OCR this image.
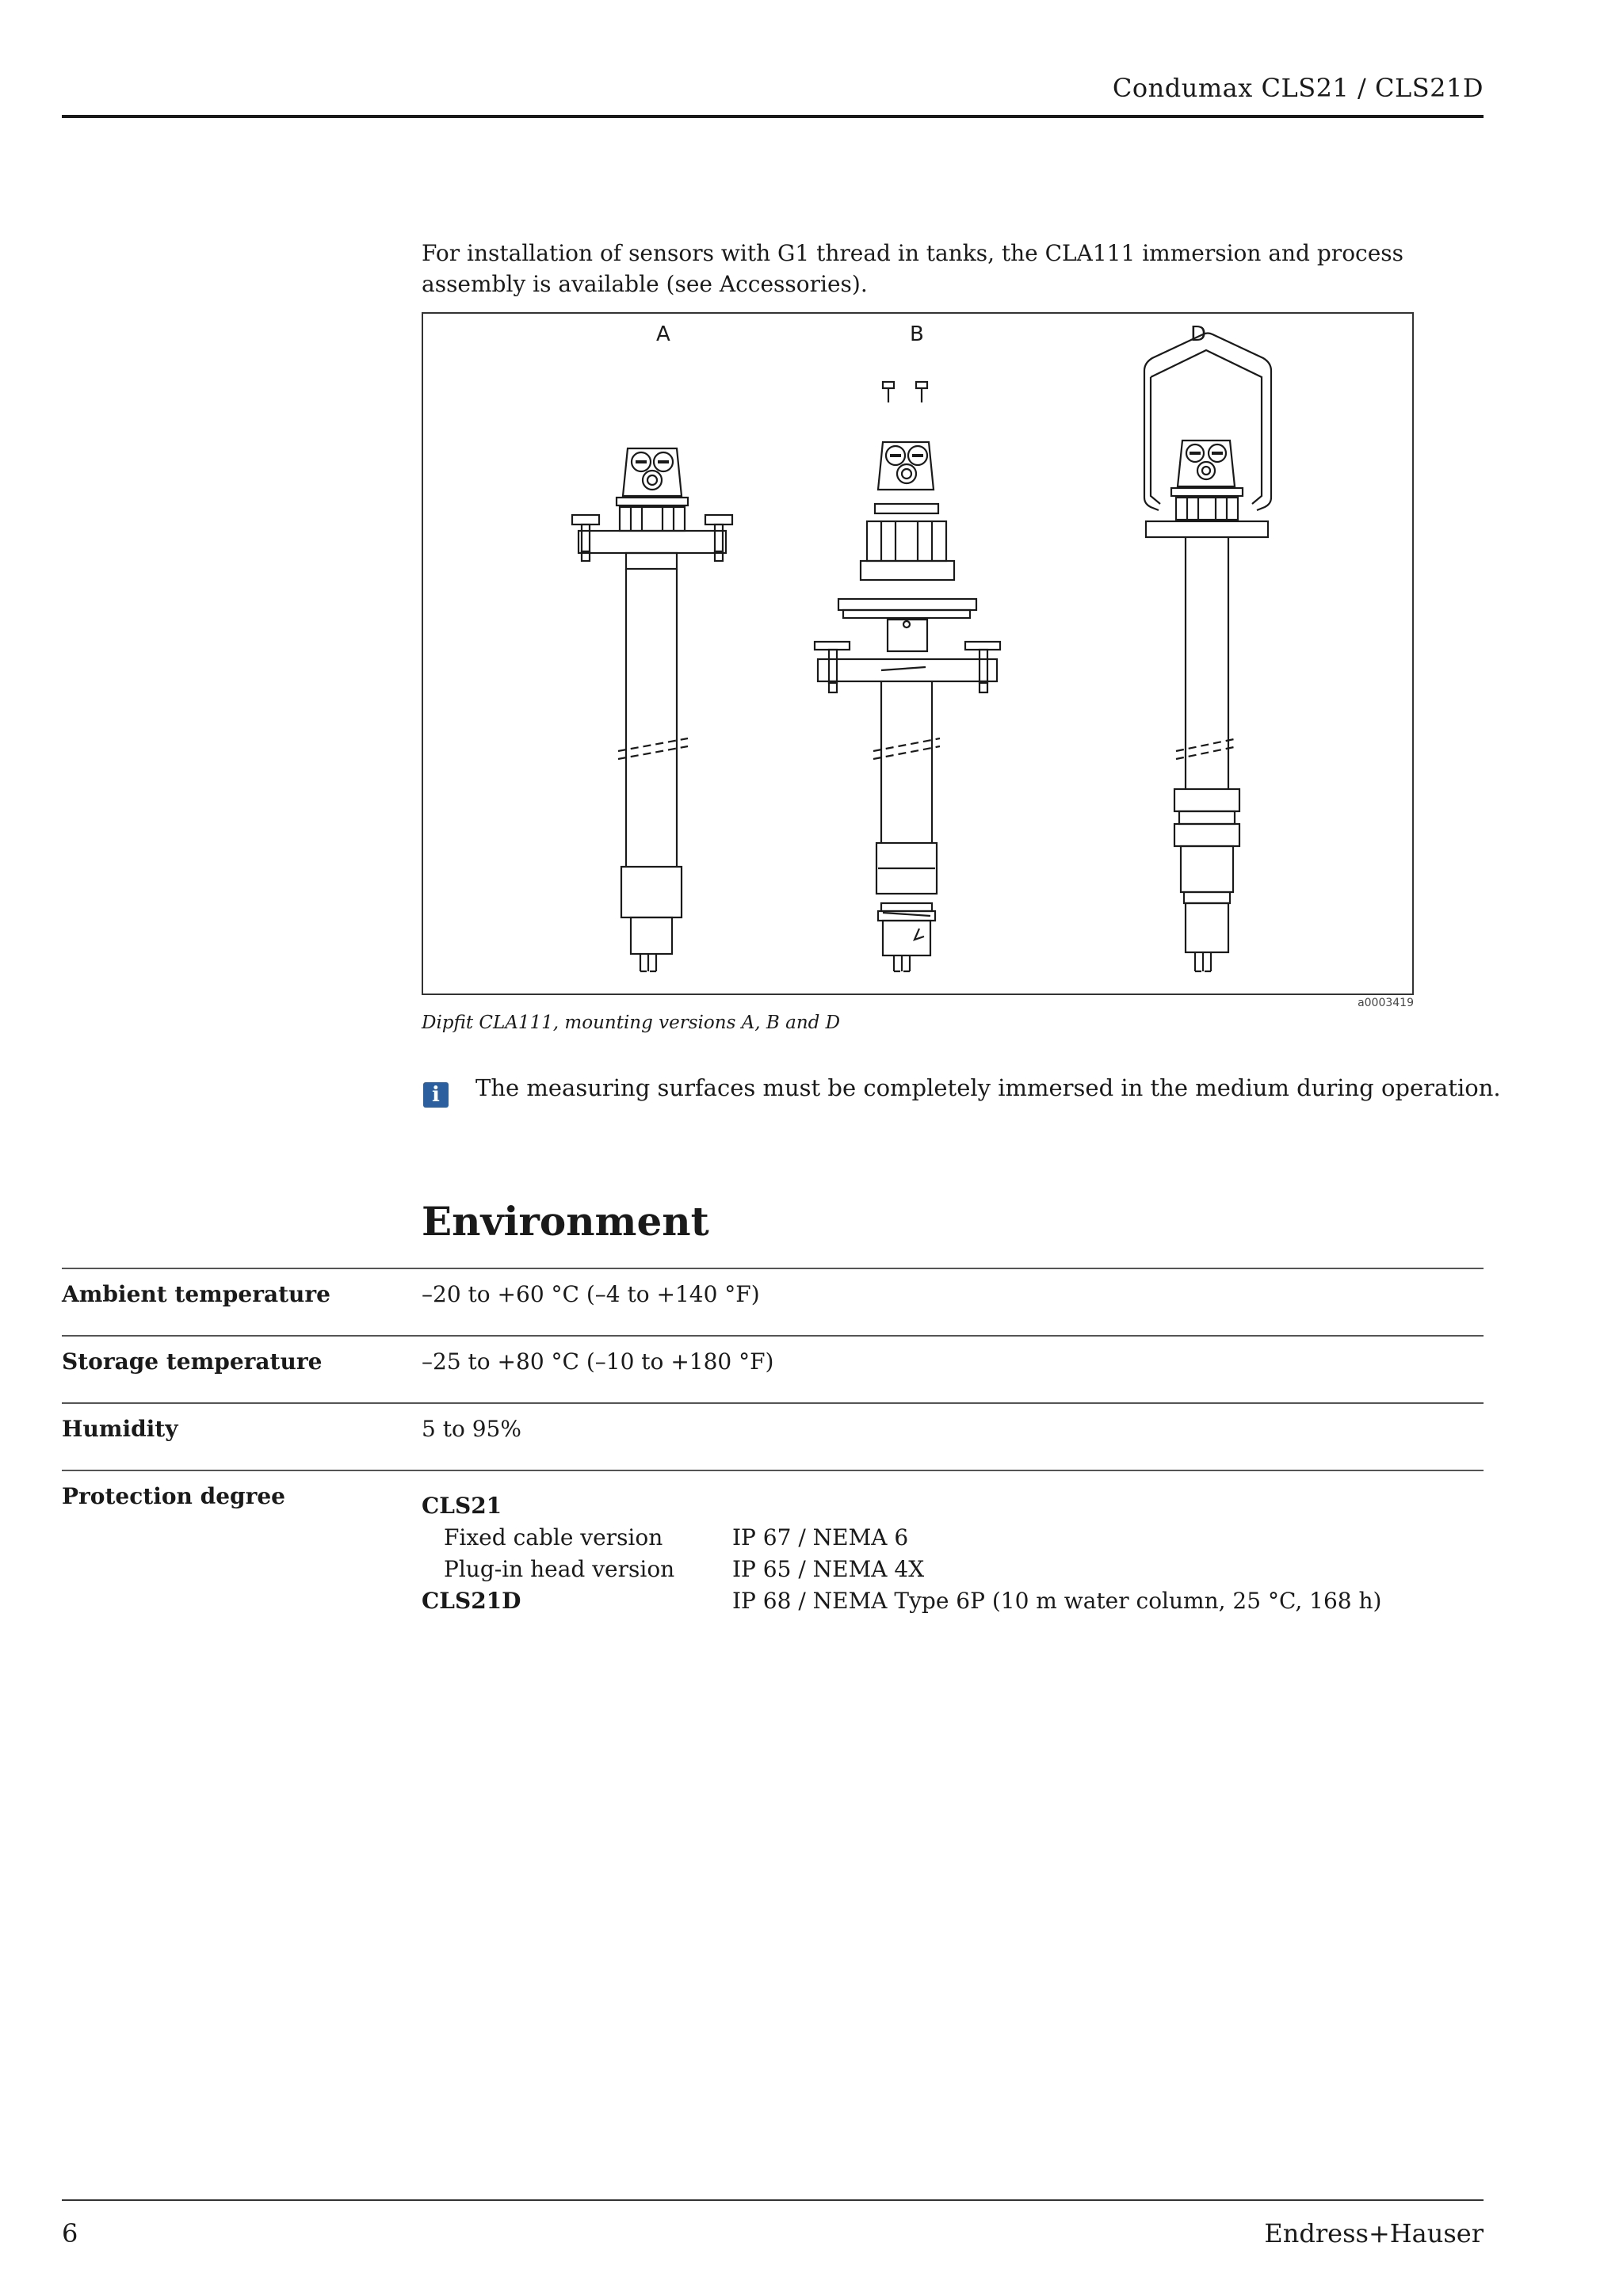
Condumax CLS21 / CLS21D
For installation of sensors with G1 thread in tanks, the CLA111 immersion and process assembly is available (see Accessories).
A	B	D
a0003419
Dipfit CLA111, mounting versions A, B and D
i	The measuring surfaces must be completely immersed in the medium during operation.
Environment
Ambient temperature	–20 to +60 °C (–4 to +140 °F)
Storage temperature	–25 to +80 °C (–10 to +180 °F)
Humidity	5 to 95%
Protection degree	CLS21
Fixed cable version	IP 67 / NEMA 6
Plug-in head version	IP 65 / NEMA 4X
CLS21D	IP 68 / NEMA Type 6P (10 m water column, 25 °C, 168 h)
6	Endress+Hauser
